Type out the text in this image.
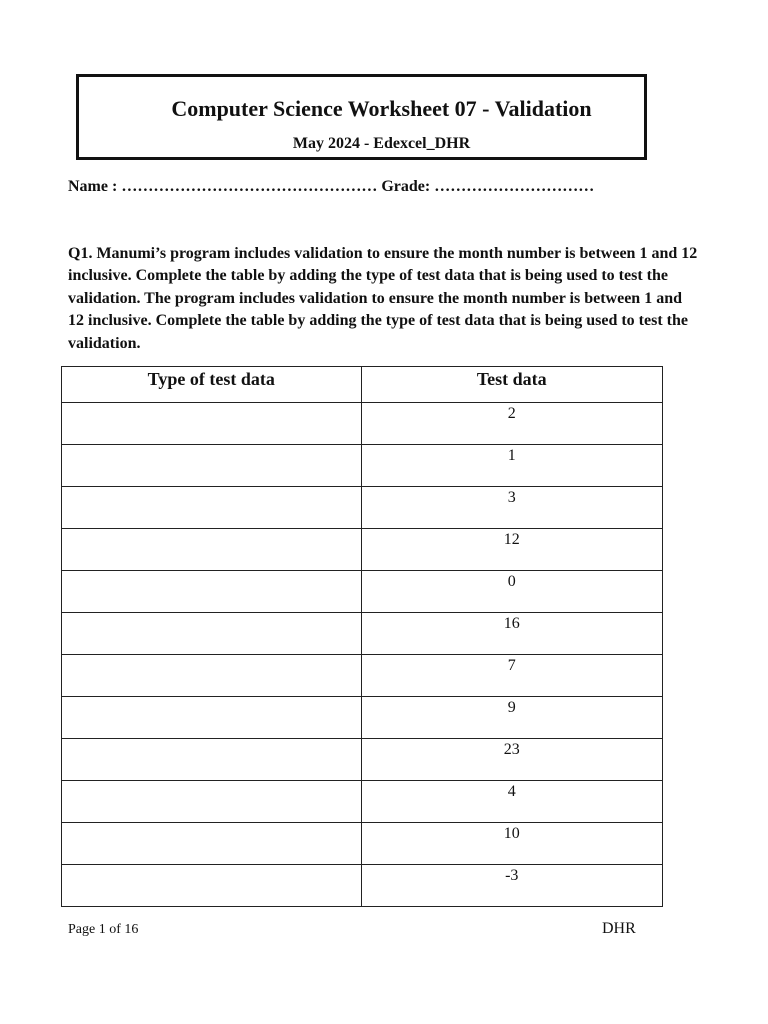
Computer Science Worksheet 07 - Validation
May 2024 - Edexcel_DHR
Name : ………………………………………… Grade: …………………………
Q1. Manumi’s program includes validation to ensure the month number is between 1 and 12 inclusive. Complete the table by adding the type of test data that is being used to test the validation. The program includes validation to ensure the month number is between 1 and 12 inclusive. Complete the table by adding the type of test data that is being used to test the validation.
Type of test data	Test data
	2
	1
	3
	12
	0
	16
	7
	9
	23
	4
	10
	-3
Page 1 of 16	DHR
